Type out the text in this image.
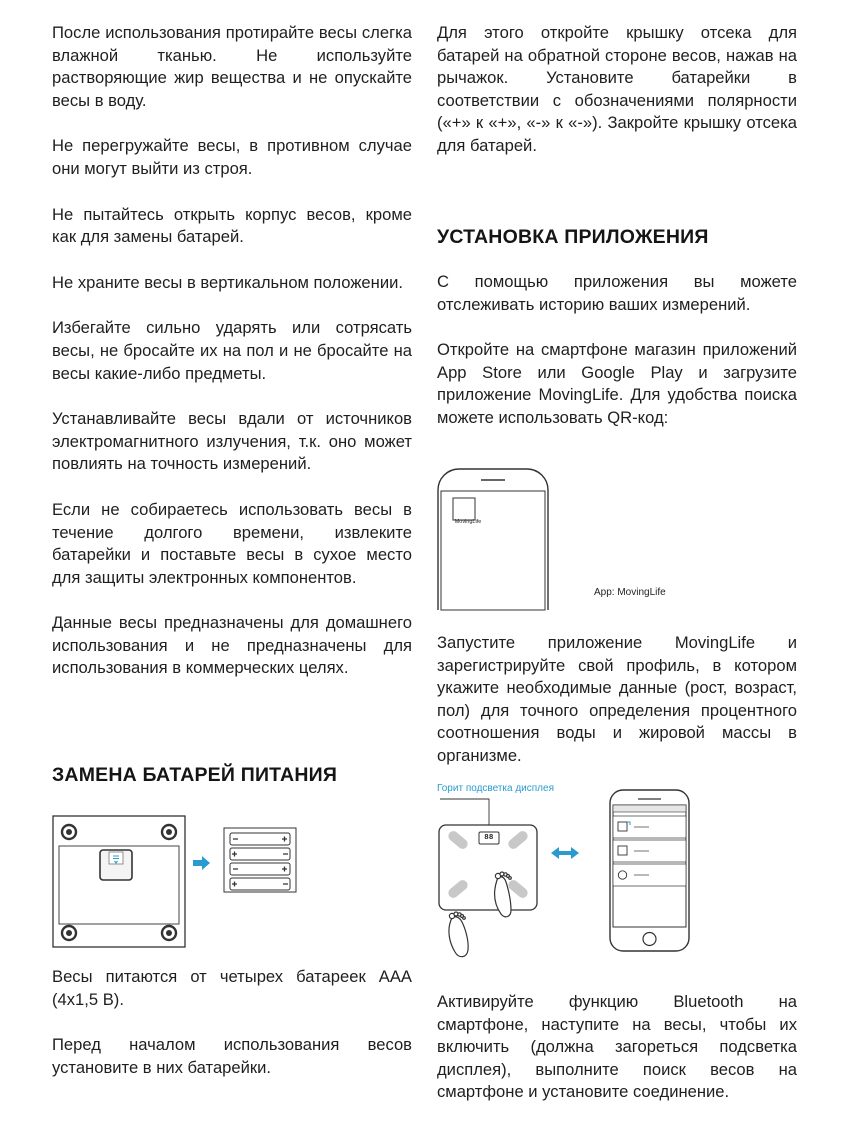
После использования протирайте весы слегка влажной тканью. Не используйте растворяющие жир вещества и не опускайте весы в воду.

Не перегружайте весы, в противном случае они могут выйти из строя.

Не пытайтесь открыть корпус весов, кроме как для замены батарей.

Не храните весы в вертикальном положении.

Избегайте сильно ударять или сотрясать весы, не бросайте их на пол и не бросайте на весы какие-либо предметы.

Устанавливайте весы вдали от источников электромагнитного излучения, т.к. оно может повлиять на точность измерений.

Если не собираетесь использовать весы в течение долгого времени, извлеките батарейки и поставьте весы в сухое место для защиты электронных компонентов.

Данные весы предназначены для домашнего использования и не предназначены для использования в коммерческих целях.

ЗАМЕНА БАТАРЕЙ ПИТАНИЯ

Весы питаются от четырех батареек AAA (4x1,5 В).

Перед началом использования весов установите в них батарейки.

Для этого откройте крышку отсека для батарей на обратной стороне весов, нажав на рычажок. Установите батарейки в соответствии с обозначениями полярности («+» к «+», «-» к «-»). Закройте крышку отсека для батарей.

УСТАНОВКА ПРИЛОЖЕНИЯ

С помощью приложения вы можете отслеживать историю ваших измерений.

Откройте на смартфоне магазин приложений App Store или Google Play и загрузите приложение MovingLife. Для удобства поиска можете использовать QR-код:

MovingLife
App: MovingLife

Запустите приложение MovingLife и зарегистрируйте свой профиль, в котором укажите необходимые данные (рост, возраст, пол) для точного определения процентного соотношения воды и жировой массы в организме.

Горит подсветка дисплея
88

Активируйте функцию Bluetooth на смартфоне, наступите на весы, чтобы их включить (должна загореться подсветка дисплея), выполните поиск весов на смартфоне и установите соединение.
